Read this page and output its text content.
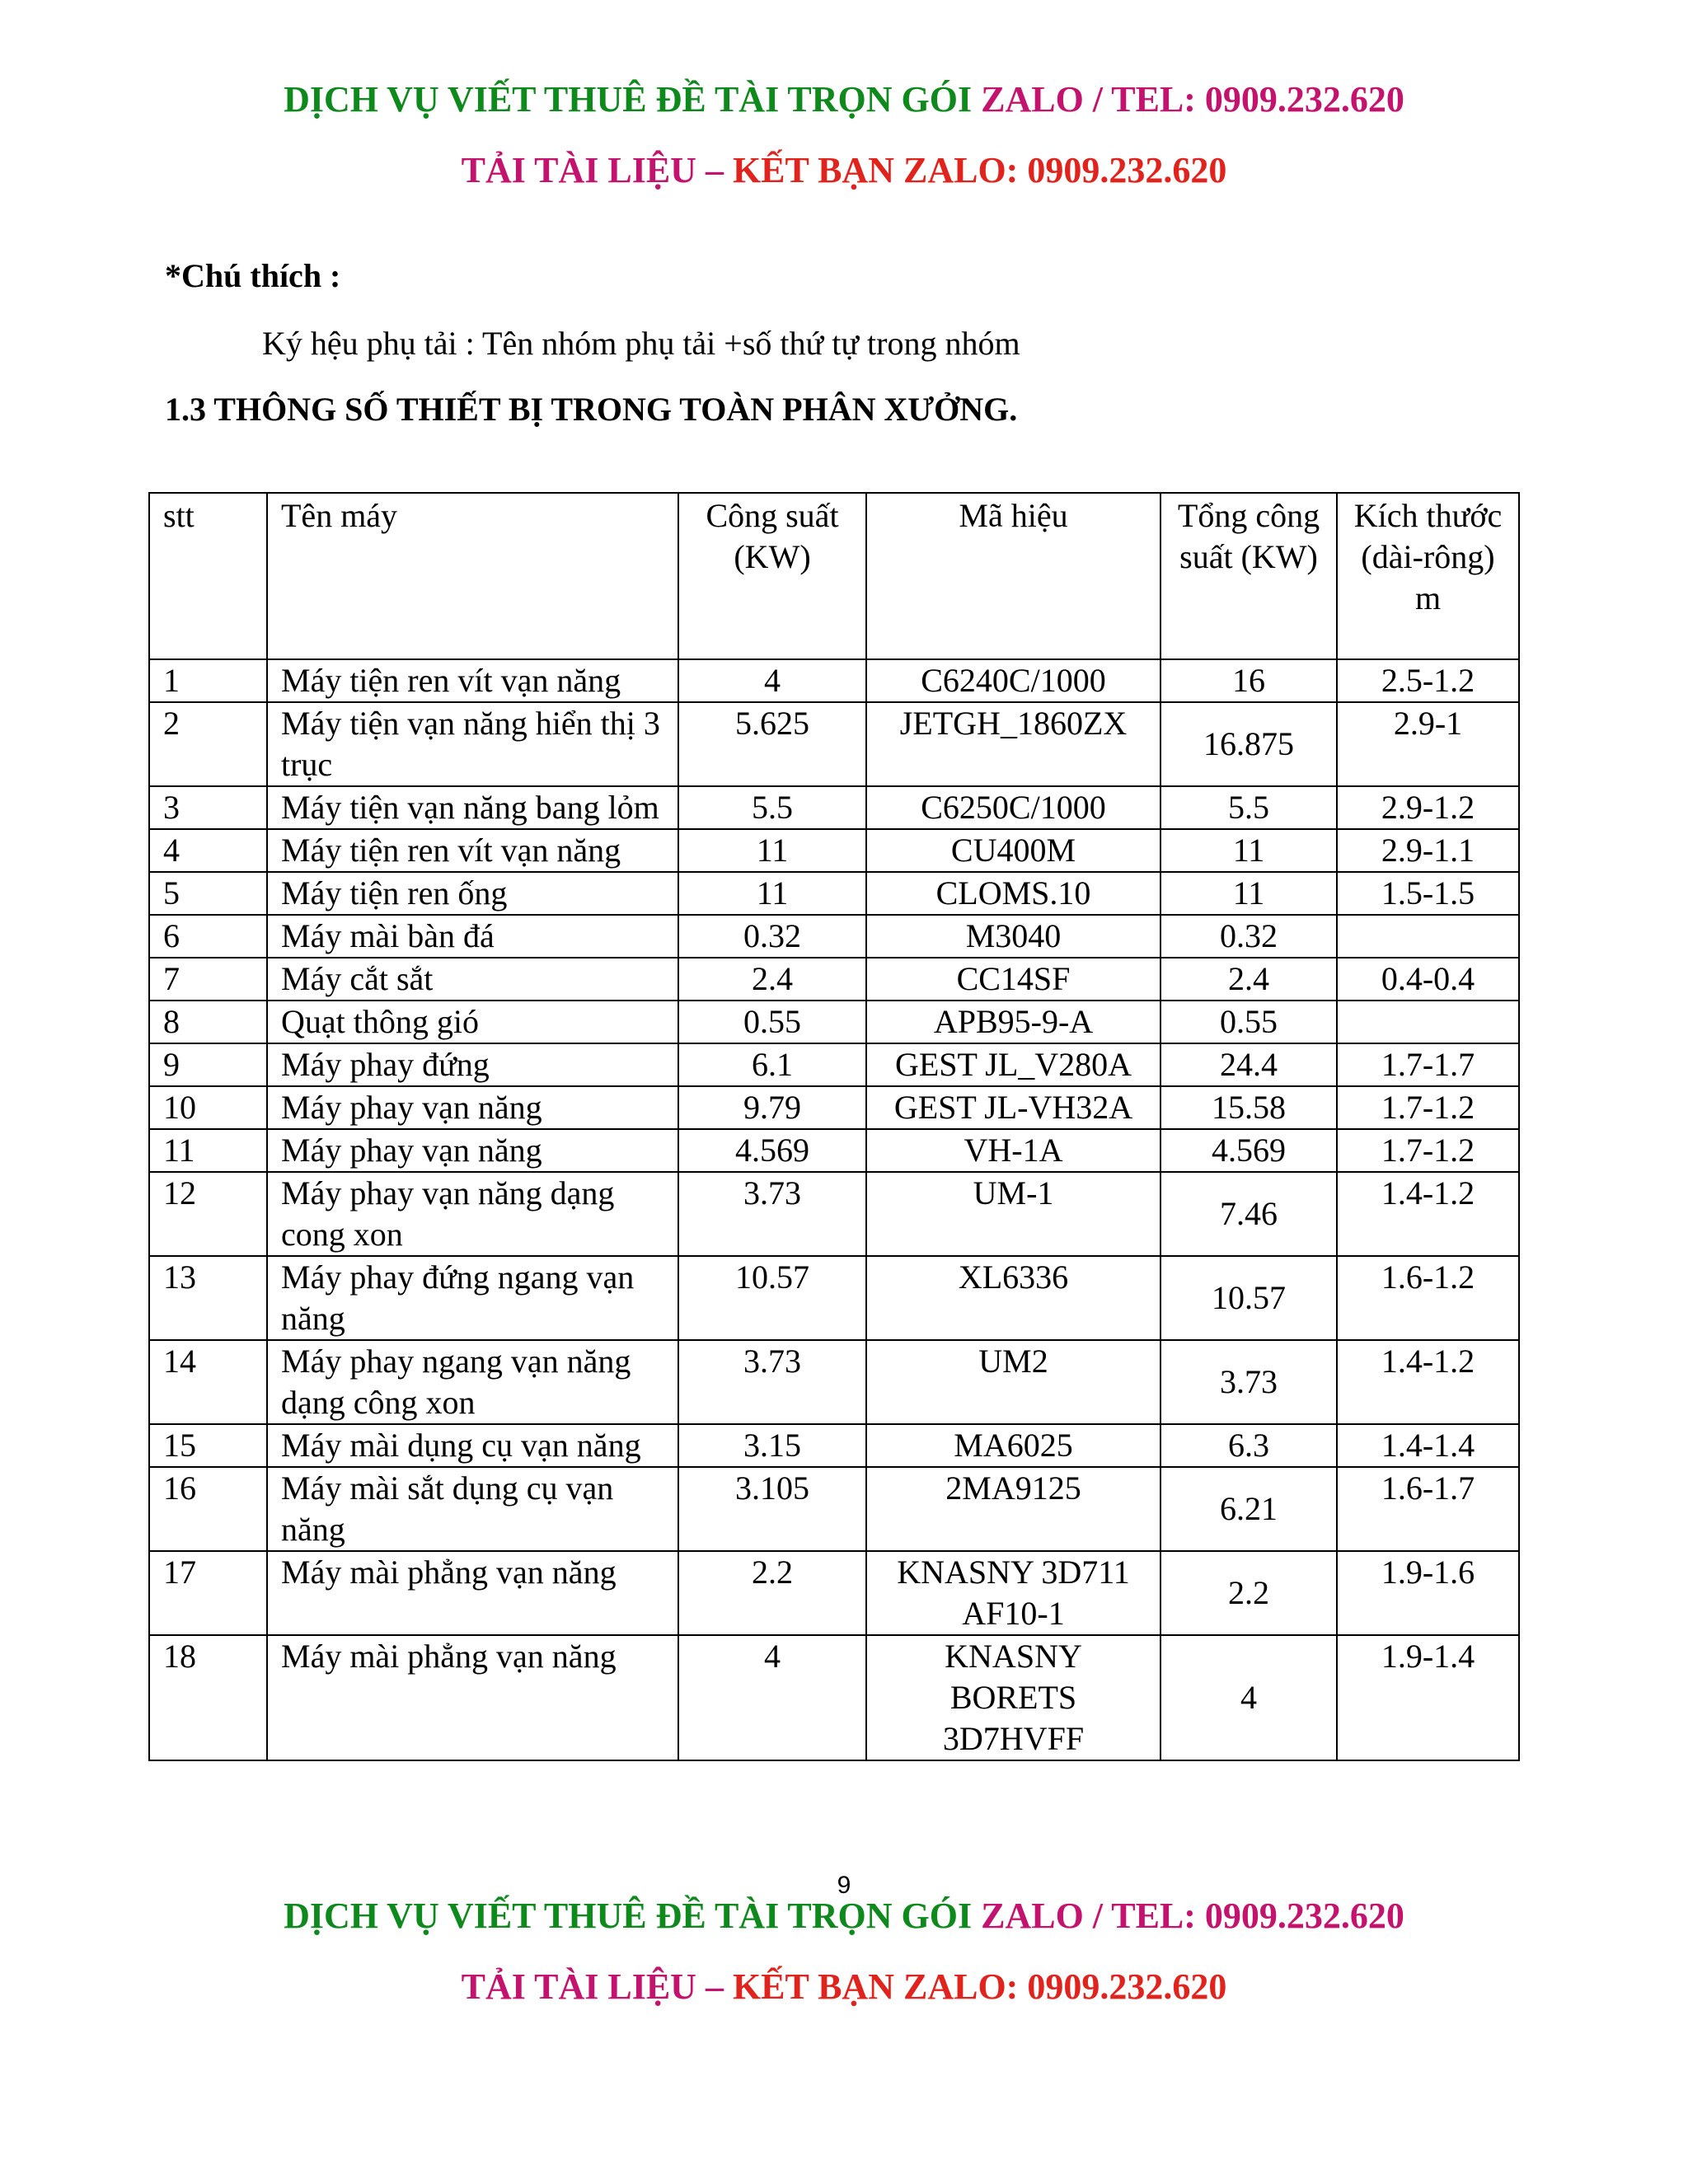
DỊCH VỤ VIẾT THUÊ ĐỀ TÀI TRỌN GÓI ZALO / TEL: 0909.232.620
TẢI TÀI LIỆU – KẾT BẠN ZALO: 0909.232.620
*Chú thích :
Ký hệu phụ tải : Tên nhóm phụ tải +số thứ tự trong nhóm
1.3 THÔNG SỐ THIẾT BỊ TRONG TOÀN PHÂN XƯỞNG.
stt	Tên máy	Công suất (KW)	Mã hiệu	Tổng công suất (KW)	Kích thước (dài-rông) m
1	Máy tiện ren vít vạn năng	4	C6240C/1000	16	2.5-1.2
2	Máy tiện vạn năng hiển thị 3 trục	5.625	JETGH_1860ZX	16.875	2.9-1
3	Máy tiện vạn năng bang lỏm	5.5	C6250C/1000	5.5	2.9-1.2
4	Máy tiện ren vít vạn năng	11	CU400M	11	2.9-1.1
5	Máy tiện ren ống	11	CLOMS.10	11	1.5-1.5
6	Máy mài bàn đá	0.32	M3040	0.32	
7	Máy cắt sắt	2.4	CC14SF	2.4	0.4-0.4
8	Quạt thông gió	0.55	APB95-9-A	0.55	
9	Máy phay đứng	6.1	GEST JL_V280A	24.4	1.7-1.7
10	Máy phay vạn năng	9.79	GEST JL-VH32A	15.58	1.7-1.2
11	Máy phay vạn năng	4.569	VH-1A	4.569	1.7-1.2
12	Máy phay vạn năng dạng cong xon	3.73	UM-1	7.46	1.4-1.2
13	Máy phay đứng ngang vạn năng	10.57	XL6336	10.57	1.6-1.2
14	Máy phay ngang vạn năng dạng công xon	3.73	UM2	3.73	1.4-1.2
15	Máy mài dụng cụ vạn năng	3.15	MA6025	6.3	1.4-1.4
16	Máy mài sắt dụng cụ vạn năng	3.105	2MA9125	6.21	1.6-1.7
17	Máy mài phẳng vạn năng	2.2	KNASNY 3D711 AF10-1	2.2	1.9-1.6
18	Máy mài phẳng vạn năng	4	KNASNY BORETS 3D7HVFF	4	1.9-1.4
9
DỊCH VỤ VIẾT THUÊ ĐỀ TÀI TRỌN GÓI ZALO / TEL: 0909.232.620
TẢI TÀI LIỆU – KẾT BẠN ZALO: 0909.232.620
